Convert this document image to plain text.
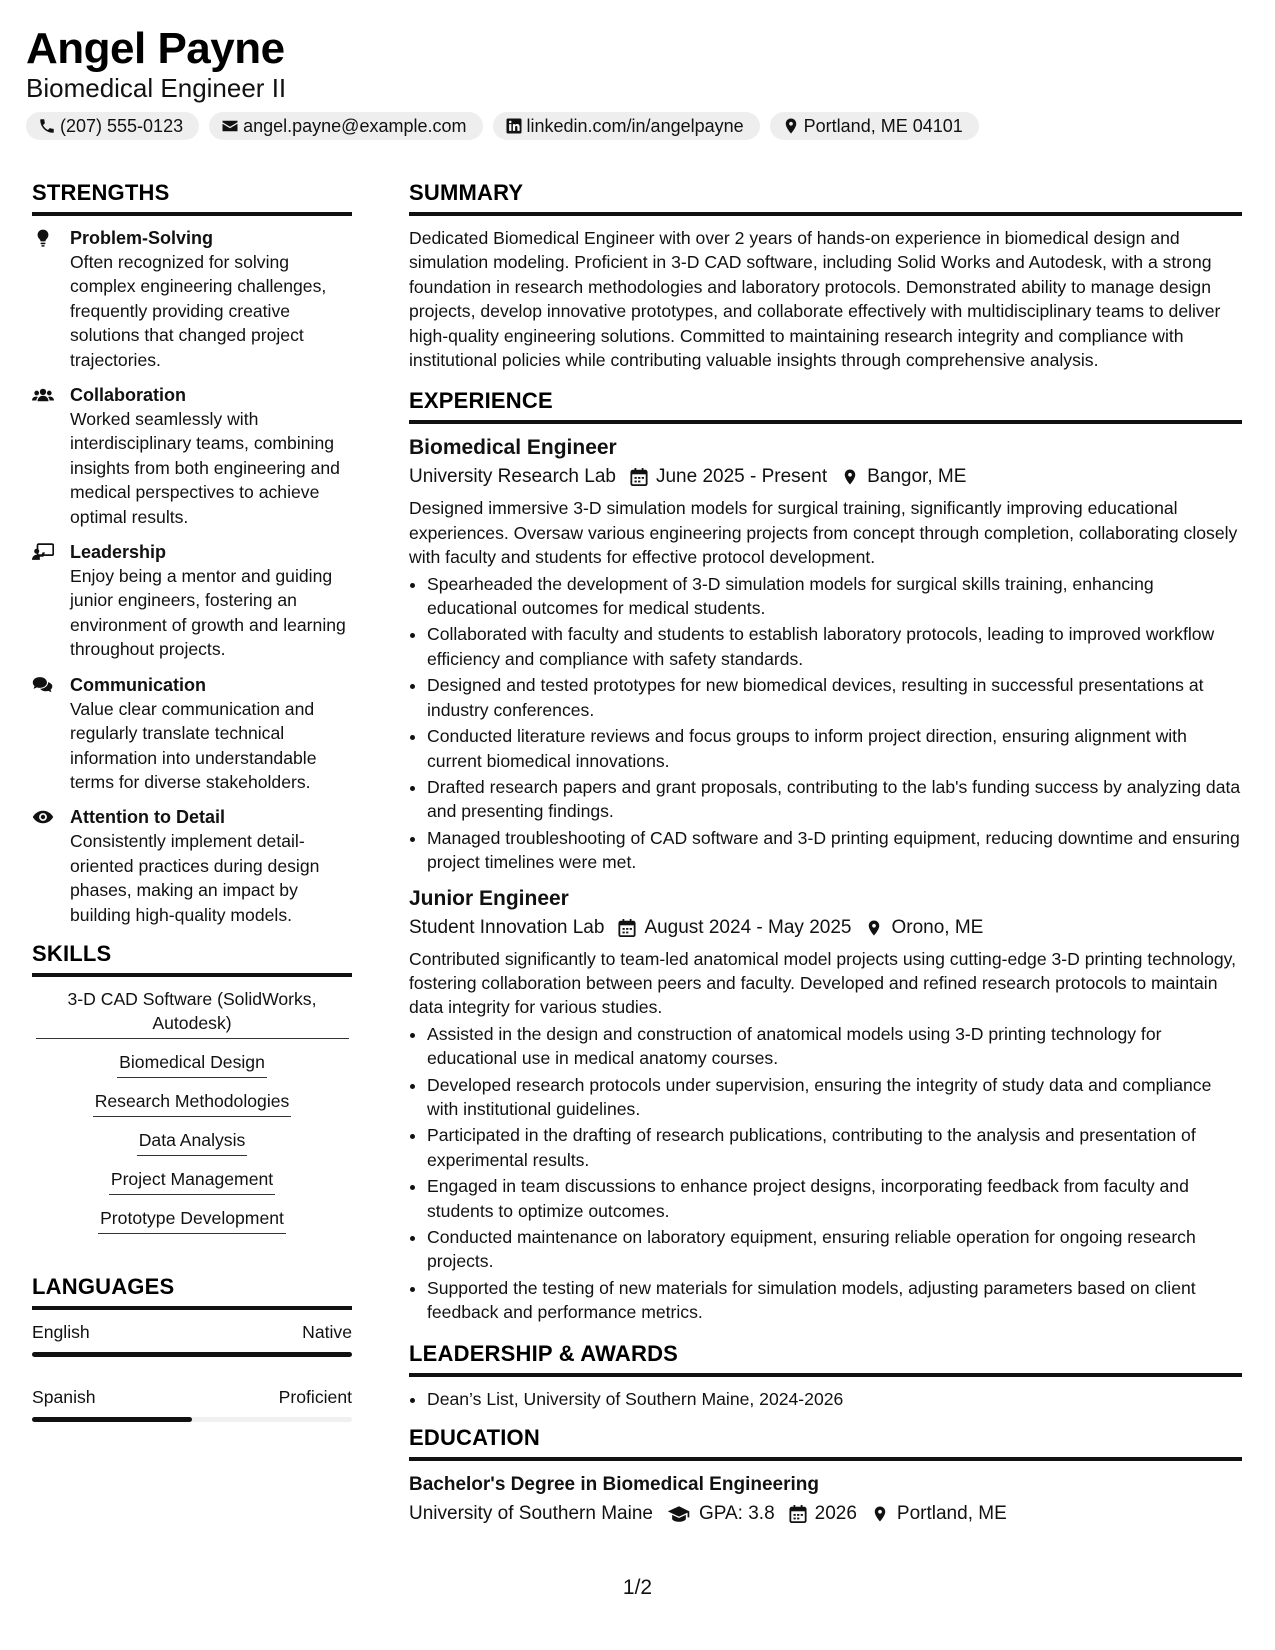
Angel Payne
Biomedical Engineer II
(207) 555-0123	angel.payne@example.com	linkedin.com/in/angelpayne	Portland, ME 04101
STRENGTHS
Problem-Solving
Often recognized for solving complex engineering challenges, frequently providing creative solutions that changed project trajectories.
Collaboration
Worked seamlessly with interdisciplinary teams, combining insights from both engineering and medical perspectives to achieve optimal results.
Leadership
Enjoy being a mentor and guiding junior engineers, fostering an environment of growth and learning throughout projects.
Communication
Value clear communication and regularly translate technical information into understandable terms for diverse stakeholders.
Attention to Detail
Consistently implement detail-oriented practices during design phases, making an impact by building high-quality models.
SKILLS
3-D CAD Software (SolidWorks, Autodesk)
Biomedical Design
Research Methodologies
Data Analysis
Project Management
Prototype Development
LANGUAGES
English	Native
Spanish	Proficient
SUMMARY

Dedicated Biomedical Engineer with over 2 years of hands-on experience in biomedical design and simulation modeling. Proficient in 3-D CAD software, including Solid Works and Autodesk, with a strong foundation in research methodologies and laboratory protocols. Demonstrated ability to manage design projects, develop innovative prototypes, and collaborate effectively with multidisciplinary teams to deliver high-quality engineering solutions. Committed to maintaining research integrity and compliance with institutional policies while contributing valuable insights through comprehensive analysis.

EXPERIENCE
Biomedical Engineer
University Research Lab June 2025 - Present Bangor, ME

Designed immersive 3-D simulation models for surgical training, significantly improving educational experiences. Oversaw various engineering projects from concept through completion, collaborating closely with faculty and students for effective protocol development.

• Spearheaded the development of 3-D simulation models for surgical skills training, enhancing educational outcomes for medical students.
• Collaborated with faculty and students to establish laboratory protocols, leading to improved workflow efficiency and compliance with safety standards.
• Designed and tested prototypes for new biomedical devices, resulting in successful presentations at industry conferences.
• Conducted literature reviews and focus groups to inform project direction, ensuring alignment with current biomedical innovations.
• Drafted research papers and grant proposals, contributing to the lab's funding success by analyzing data and presenting findings.
• Managed troubleshooting of CAD software and 3-D printing equipment, reducing downtime and ensuring project timelines were met.
Junior Engineer
Student Innovation Lab August 2024 - May 2025 Orono, ME

Contributed significantly to team-led anatomical model projects using cutting-edge 3-D printing technology, fostering collaboration between peers and faculty. Developed and refined research protocols to maintain data integrity for various studies.

• Assisted in the design and construction of anatomical models using 3-D printing technology for educational use in medical anatomy courses.
• Developed research protocols under supervision, ensuring the integrity of study data and compliance with institutional guidelines.
• Participated in the drafting of research publications, contributing to the analysis and presentation of experimental results.
• Engaged in team discussions to enhance project designs, incorporating feedback from faculty and students to optimize outcomes.
• Conducted maintenance on laboratory equipment, ensuring reliable operation for ongoing research projects.
• Supported the testing of new materials for simulation models, adjusting parameters based on client feedback and performance metrics.
LEADERSHIP & AWARDS
• Dean’s List, University of Southern Maine, 2024-2026
EDUCATION
Bachelor's Degree in Biomedical Engineering
University of Southern Maine GPA: 3.8 2026 Portland, ME
1/2
